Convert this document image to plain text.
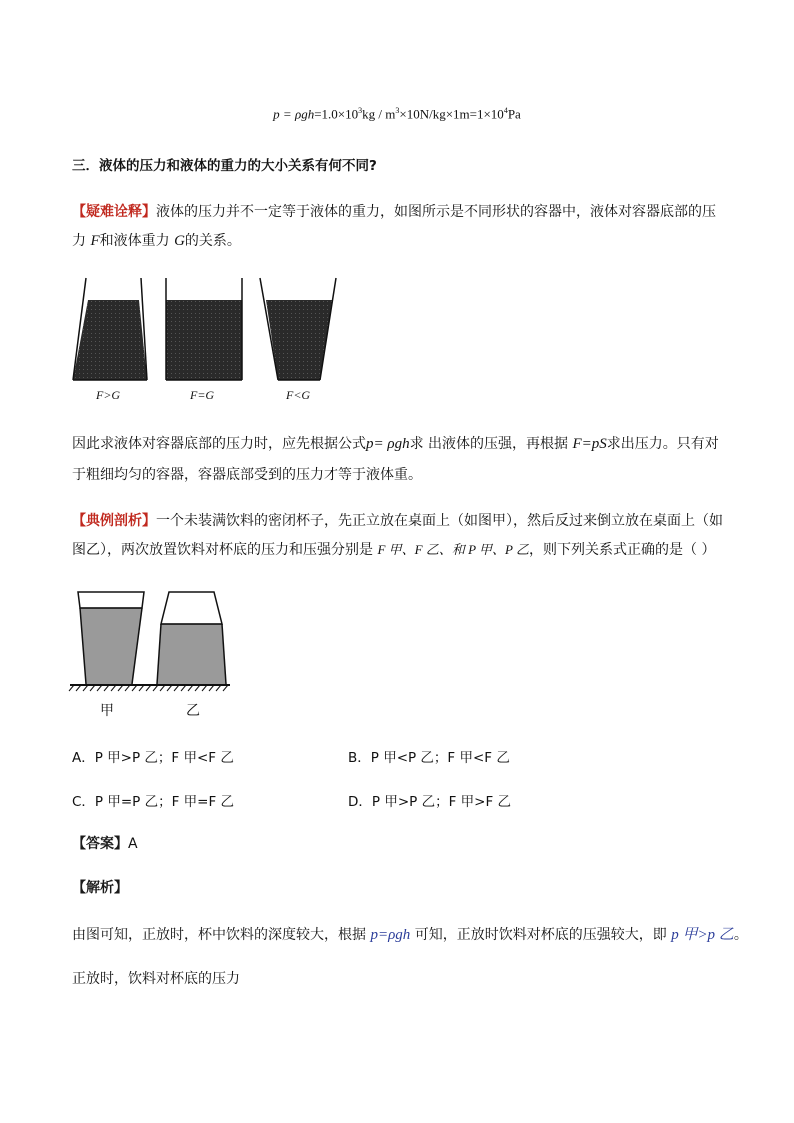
$p = \rho gh=1.0\times 10^3kg / m^3\times 10N/kg\times 1m=1\times 10^4Pa$
三．液体的压力和液体的重力的大小关系有何不同?
【疑难诠释】液体的压力并不一定等于液体的重力，如图所示是不同形状的容器中，液体对容器底部的压
力 F和液体重力 G的关系。
F>G	F=G	F<G
因此求液体对容器底部的压力时，应先根据公式p= ρgh求 出液体的压强，再根据 F=pS求出压力。只有对
于粗细均匀的容器，容器底部受到的压力才等于液体重。
【典例剖析】一个未装满饮料的密闭杯子，先正立放在桌面上（如图甲），然后反过来倒立放在桌面上（如
图乙），两次放置饮料对杯底的压力和压强分别是 F 甲、F 乙、和 P 甲、P 乙，则下列关系式正确的是（ ）
甲	乙
A．P 甲>P 乙；F 甲<F 乙	B．P 甲<P 乙；F 甲<F 乙
C．P 甲=P 乙；F 甲=F 乙	D．P 甲>P 乙；F 甲>F 乙
【答案】A
【解析】
由图可知，正放时，杯中饮料的深度较大，根据 p=ρgh 可知，正放时饮料对杯底的压强较大，即 p 甲>p 乙。
正放时，饮料对杯底的压力
